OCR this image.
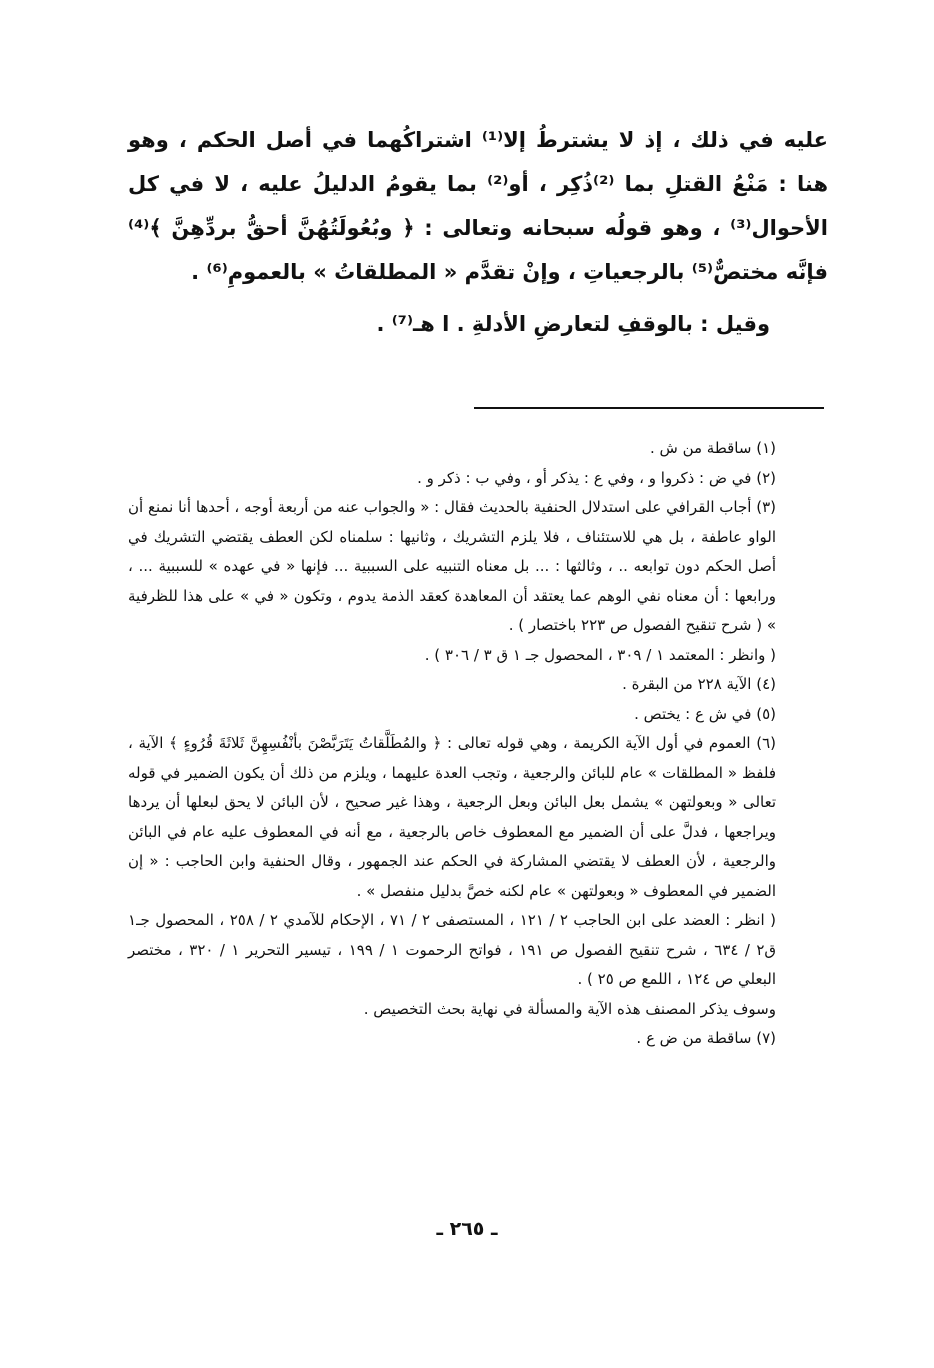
عليه في ذلك ، إذ لا يشترطُ إلا⁽¹⁾ اشتراكُهما في أصل الحكم ، وهو هنا : مَنْعُ القتلِ بما ⁽²⁾ذُكِر ، أو⁽²⁾ بما يقومُ الدليلُ عليه ، لا في كل الأحوال⁽³⁾ ، وهو قولُه سبحانه وتعالى : ﴿ وبُعُولَتُهُنَّ أحقُّ بردِّهِنَّ ﴾⁽⁴⁾ فإنَّه مختصٌّ⁽⁵⁾ بالرجعياتِ ، وإنْ تقدَّم « المطلقاتُ » بالعمومِ⁽⁶⁾ .

وقيل : بالوقفِ لتعارضِ الأدلةِ . ا هـ⁽⁷⁾ .

(١) ساقطة من ش .

(٢) في ض : ذكروا و ، وفي ع : يذكر أو ، وفي ب : ذكر و .

(٣) أجاب القرافي على استدلال الحنفية بالحديث فقال : « والجواب عنه من أربعة أوجه ، أحدها أنا نمنع أن الواو عاطفة ، بل هي للاستئناف ، فلا يلزم التشريك ، وثانيها : سلمناه لكن العطف يقتضي التشريك في أصل الحكم دون توابعه .. ، وثالثها : ... بل معناه التنبيه على السببية ... فإنها « في عهده » للسببية ... ، ورابعها : أن معناه نفي الوهم عما يعتقد أن المعاهدة كعقد الذمة يدوم ، وتكون « في » على هذا للظرفية » ( شرح تنقيح الفصول ص ٢٢٣ باختصار ) .

( وانظر : المعتمد ١ / ٣٠٩ ، المحصول جـ ١ ق ٣ / ٣٠٦ ) .

(٤) الآية ٢٢٨ من البقرة .

(٥) في ش ع : يختص .

(٦) العموم في أول الآية الكريمة ، وهي قوله تعالى : ﴿ والمُطَلَّقاتُ يَتَرَبَّصْنَ بأنْفُسِهِنَّ ثَلاثَةَ قُرُوءٍ ﴾ الآية ، فلفظ « المطلقات » عام للبائن والرجعية ، وتجب العدة عليهما ، ويلزم من ذلك أن يكون الضمير في قوله تعالى « وبعولتهن » يشمل بعل البائن وبعل الرجعية ، وهذا غير صحيح ، لأن البائن لا يحق لبعلها أن يردها ويراجعها ، فدلَّ على أن الضمير مع المعطوف خاص بالرجعية ، مع أنه في المعطوف عليه عام في البائن والرجعية ، لأن العطف لا يقتضي المشاركة في الحكم عند الجمهور ، وقال الحنفية وابن الحاجب : « إن الضمير في المعطوف « وبعولتهن » عام لكنه خصَّ بدليل منفصل » .

( انظر : العضد على ابن الحاجب ٢ / ١٢١ ، المستصفى ٢ / ٧١ ، الإحكام للآمدي ٢ / ٢٥٨ ، المحصول جـ١ ق٢ / ٦٣٤ ، شرح تنقيح الفصول ص ١٩١ ، فواتح الرحموت ١ / ١٩٩ ، تيسير التحرير ١ / ٣٢٠ ، مختصر البعلي ص ١٢٤ ، اللمع ص ٢٥ ) .

وسوف يذكر المصنف هذه الآية والمسألة في نهاية بحث التخصيص .

(٧) ساقطة من ض ع .

ـ ٢٦٥ ـ
